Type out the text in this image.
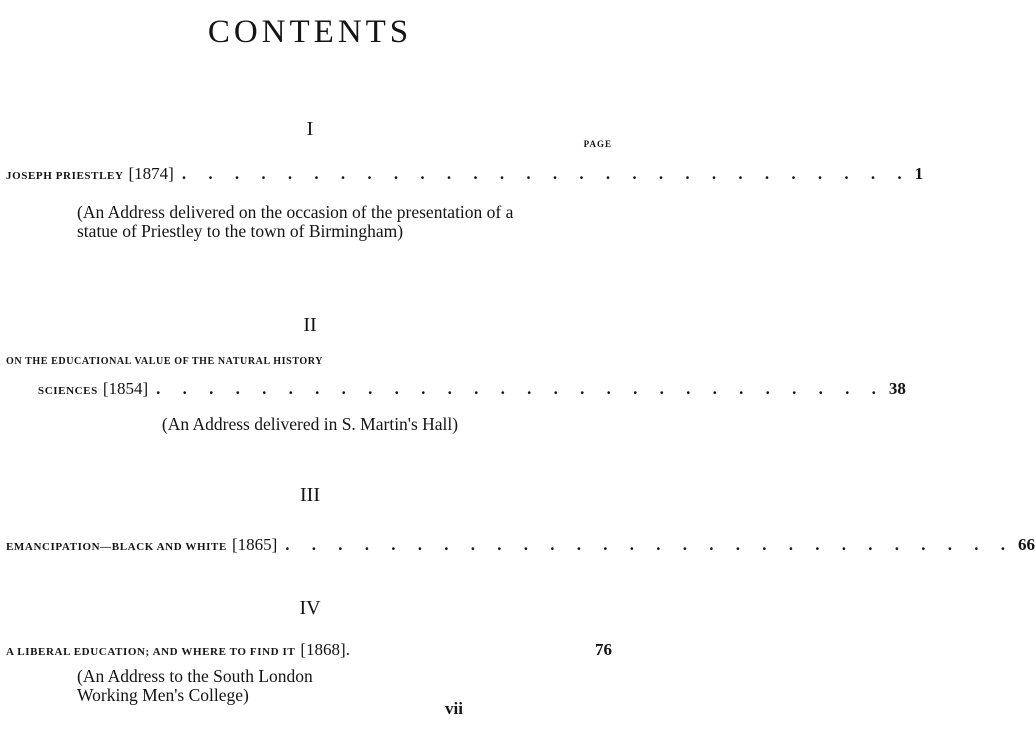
CONTENTS
I
PAGE
JOSEPH PRIESTLEY [1874] . . . . . . . . . . . . . . . . . . . . . . . . . . . . 1
(An Address delivered on the occasion of the presentation of a statue of Priestley to the town of Birmingham)
II
ON THE EDUCATIONAL VALUE OF THE NATURAL HISTORY
SCIENCES [1854] . . . . . . . . . . . . . . . . . . . . . . . . . . . . 38
(An Address delivered in S. Martin's Hall)
III
EMANCIPATION—BLACK AND WHITE [1865] . . . . . . . . . . . . . . . . . . . . . . . . . . . . 66
IV
A LIBERAL EDUCATION; AND WHERE TO FIND IT [1868].	76
(An Address to the South London Working Men's College)
vii
